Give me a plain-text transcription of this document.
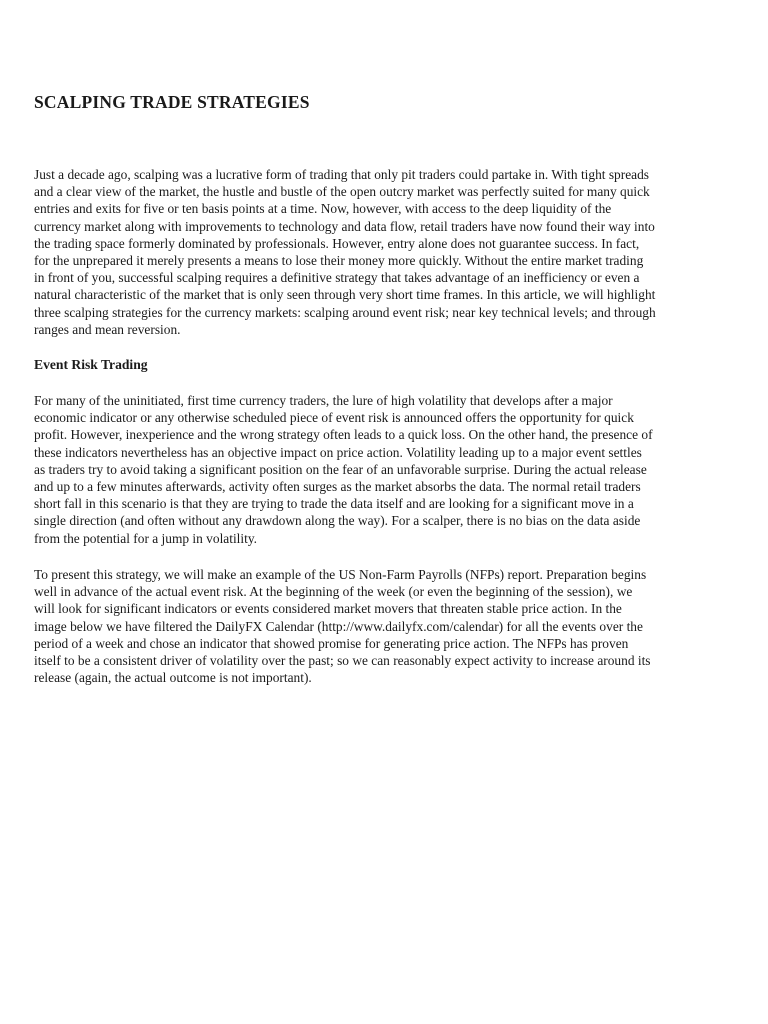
SCALPING TRADE STRATEGIES

Just a decade ago, scalping was a lucrative form of trading that only pit traders could partake in. With tight spreads
and a clear view of the market, the hustle and bustle of the open outcry market was perfectly suited for many quick
entries and exits for five or ten basis points at a time. Now, however, with access to the deep liquidity of the
currency market along with improvements to technology and data flow, retail traders have now found their way into
the trading space formerly dominated by professionals. However, entry alone does not guarantee success. In fact,
for the unprepared it merely presents a means to lose their money more quickly. Without the entire market trading
in front of you, successful scalping requires a definitive strategy that takes advantage of an inefficiency or even a
natural characteristic of the market that is only seen through very short time frames. In this article, we will highlight
three scalping strategies for the currency markets: scalping around event risk; near key technical levels; and through
ranges and mean reversion.

Event Risk Trading

For many of the uninitiated, first time currency traders, the lure of high volatility that develops after a major
economic indicator or any otherwise scheduled piece of event risk is announced offers the opportunity for quick
profit. However, inexperience and the wrong strategy often leads to a quick loss. On the other hand, the presence of
these indicators nevertheless has an objective impact on price action. Volatility leading up to a major event settles
as traders try to avoid taking a significant position on the fear of an unfavorable surprise. During the actual release
and up to a few minutes afterwards, activity often surges as the market absorbs the data. The normal retail traders
short fall in this scenario is that they are trying to trade the data itself and are looking for a significant move in a
single direction (and often without any drawdown along the way). For a scalper, there is no bias on the data aside
from the potential for a jump in volatility.

To present this strategy, we will make an example of the US Non-Farm Payrolls (NFPs) report. Preparation begins
well in advance of the actual event risk. At the beginning of the week (or even the beginning of the session), we
will look for significant indicators or events considered market movers that threaten stable price action. In the
image below we have filtered the DailyFX Calendar (http://www.dailyfx.com/calendar) for all the events over the
period of a week and chose an indicator that showed promise for generating price action. The NFPs has proven
itself to be a consistent driver of volatility over the past; so we can reasonably expect activity to increase around its
release (again, the actual outcome is not important).
